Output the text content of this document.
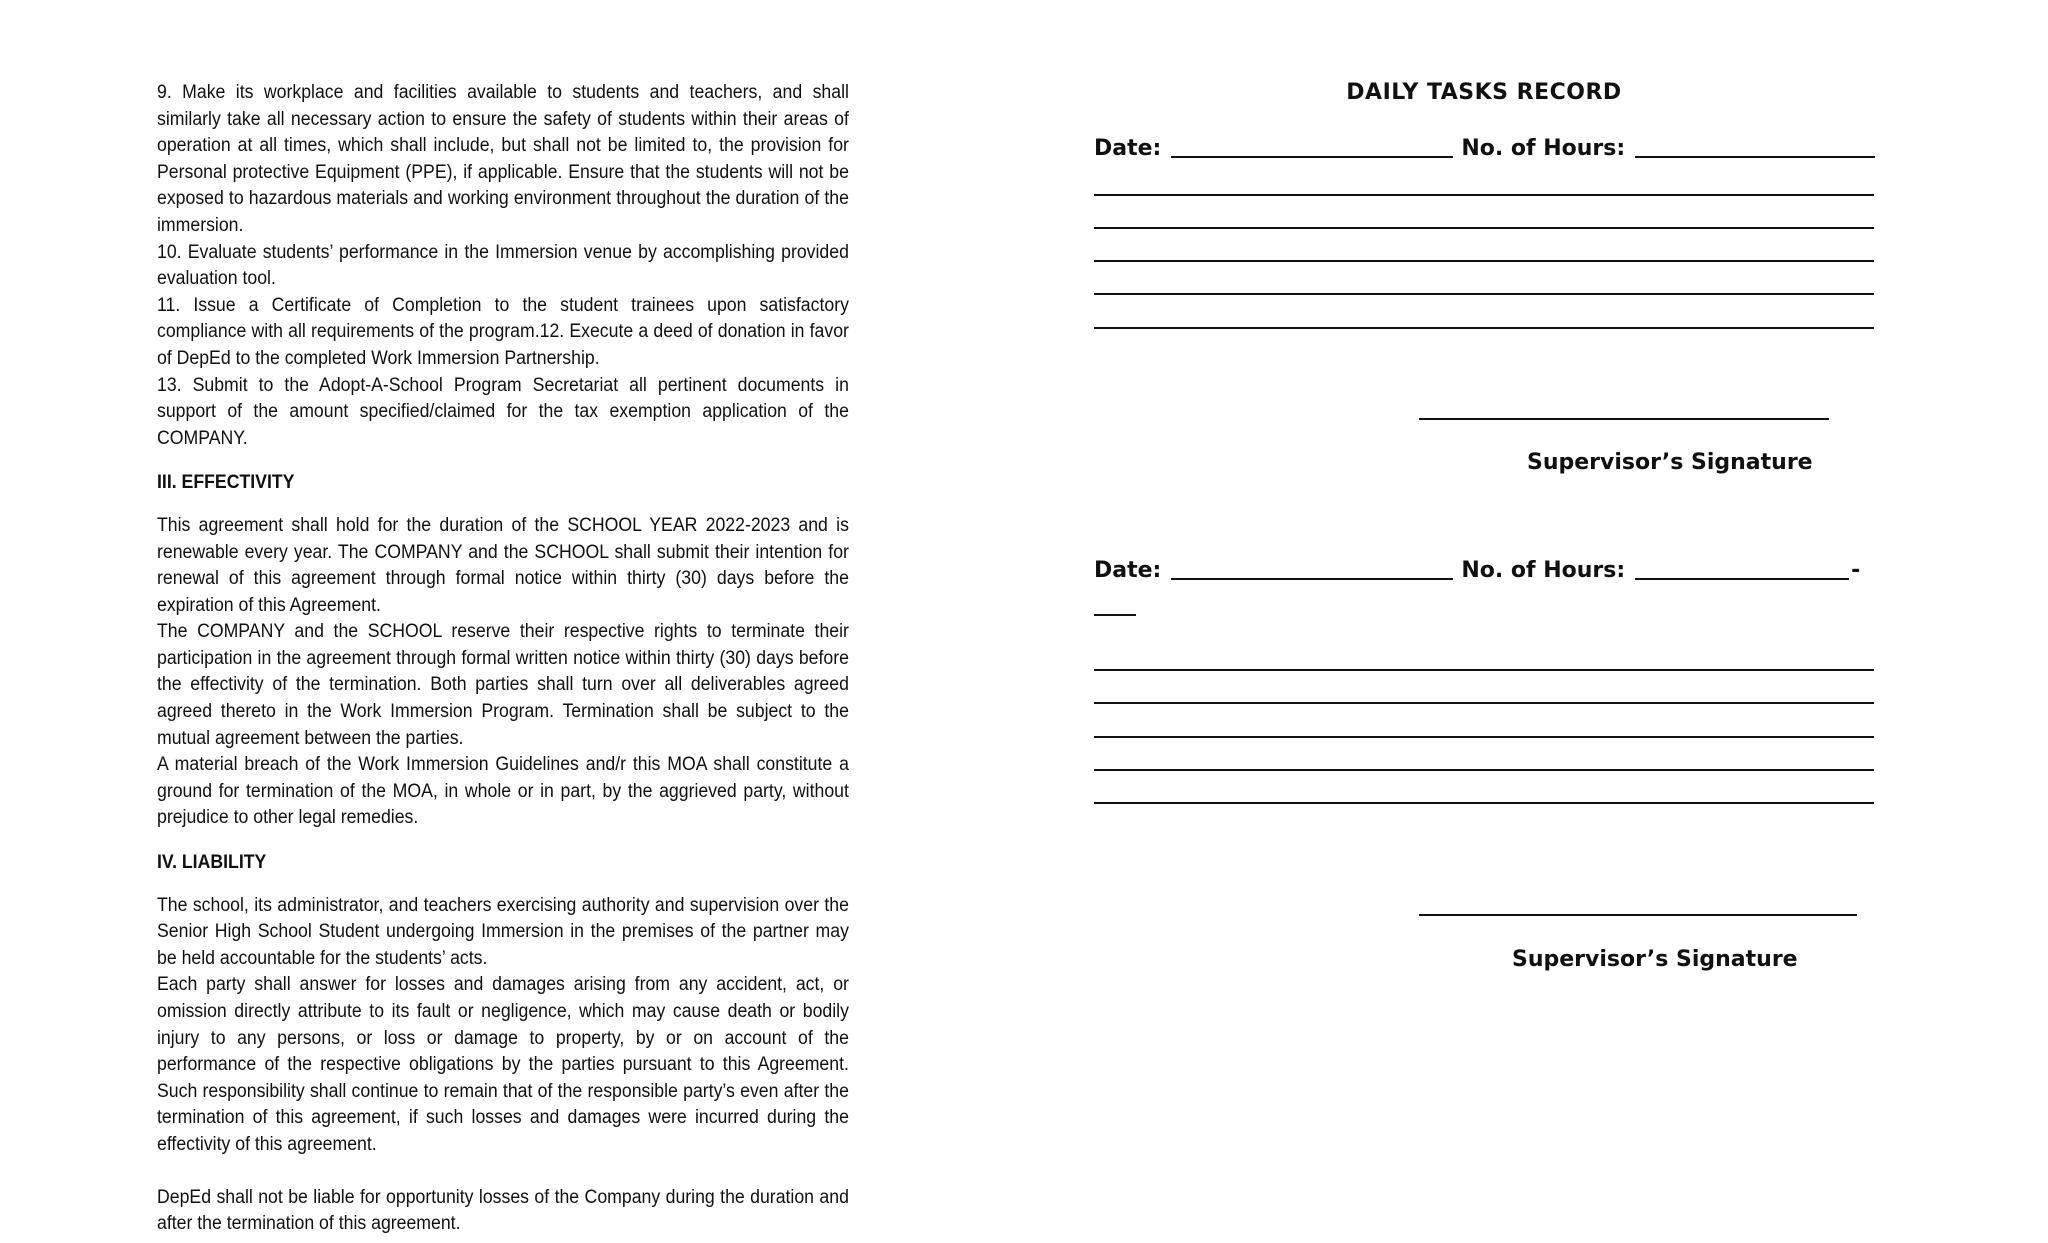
9. Make its workplace and facilities available to students and teachers, and shall similarly take all necessary action to ensure the safety of students within their areas of operation at all times, which shall include, but shall not be limited to, the provision for Personal protective Equipment (PPE), if applicable. Ensure that the students will not be exposed to hazardous materials and working environment throughout the duration of the immersion.

10. Evaluate students’ performance in the Immersion venue by accomplishing provided evaluation tool.

11. Issue a Certificate of Completion to the student trainees upon satisfactory compliance with all requirements of the program.12. Execute a deed of donation in favor of DepEd to the completed Work Immersion Partnership.

13. Submit to the Adopt-A-School Program Secretariat all pertinent documents in support of the amount specified/claimed for the tax exemption application of the COMPANY.

III. EFFECTIVITY

This agreement shall hold for the duration of the SCHOOL YEAR 2022-2023 and is renewable every year. The COMPANY and the SCHOOL shall submit their intention for renewal of this agreement through formal notice within thirty (30) days before the expiration of this Agreement.

The COMPANY and the SCHOOL reserve their respective rights to terminate their participation in the agreement through formal written notice within thirty (30) days before the effectivity of the termination. Both parties shall turn over all deliverables agreed agreed thereto in the Work Immersion Program. Termination shall be subject to the mutual agreement between the parties.

A material breach of the Work Immersion Guidelines and/r this MOA shall constitute a ground for termination of the MOA, in whole or in part, by the aggrieved party, without prejudice to other legal remedies.

IV. LIABILITY

The school, its administrator, and teachers exercising authority and supervision over the Senior High School Student undergoing Immersion in the premises of the partner may be held accountable for the students’ acts.

Each party shall answer for losses and damages arising from any accident, act, or omission directly attribute to its fault or negligence, which may cause death or bodily injury to any persons, or loss or damage to property, by or on account of the performance of the respective obligations by the parties pursuant to this Agreement. Such responsibility shall continue to remain that of the responsible party’s even after the termination of this agreement, if such losses and damages were incurred during the effectivity of this agreement.

DepEd shall not be liable for opportunity losses of the Company during the duration and after the termination of this agreement.

DAILY TASKS RECORD
Date:	No. of Hours:
Supervisor’s Signature
Date:	No. of Hours:	-
Supervisor’s Signature
